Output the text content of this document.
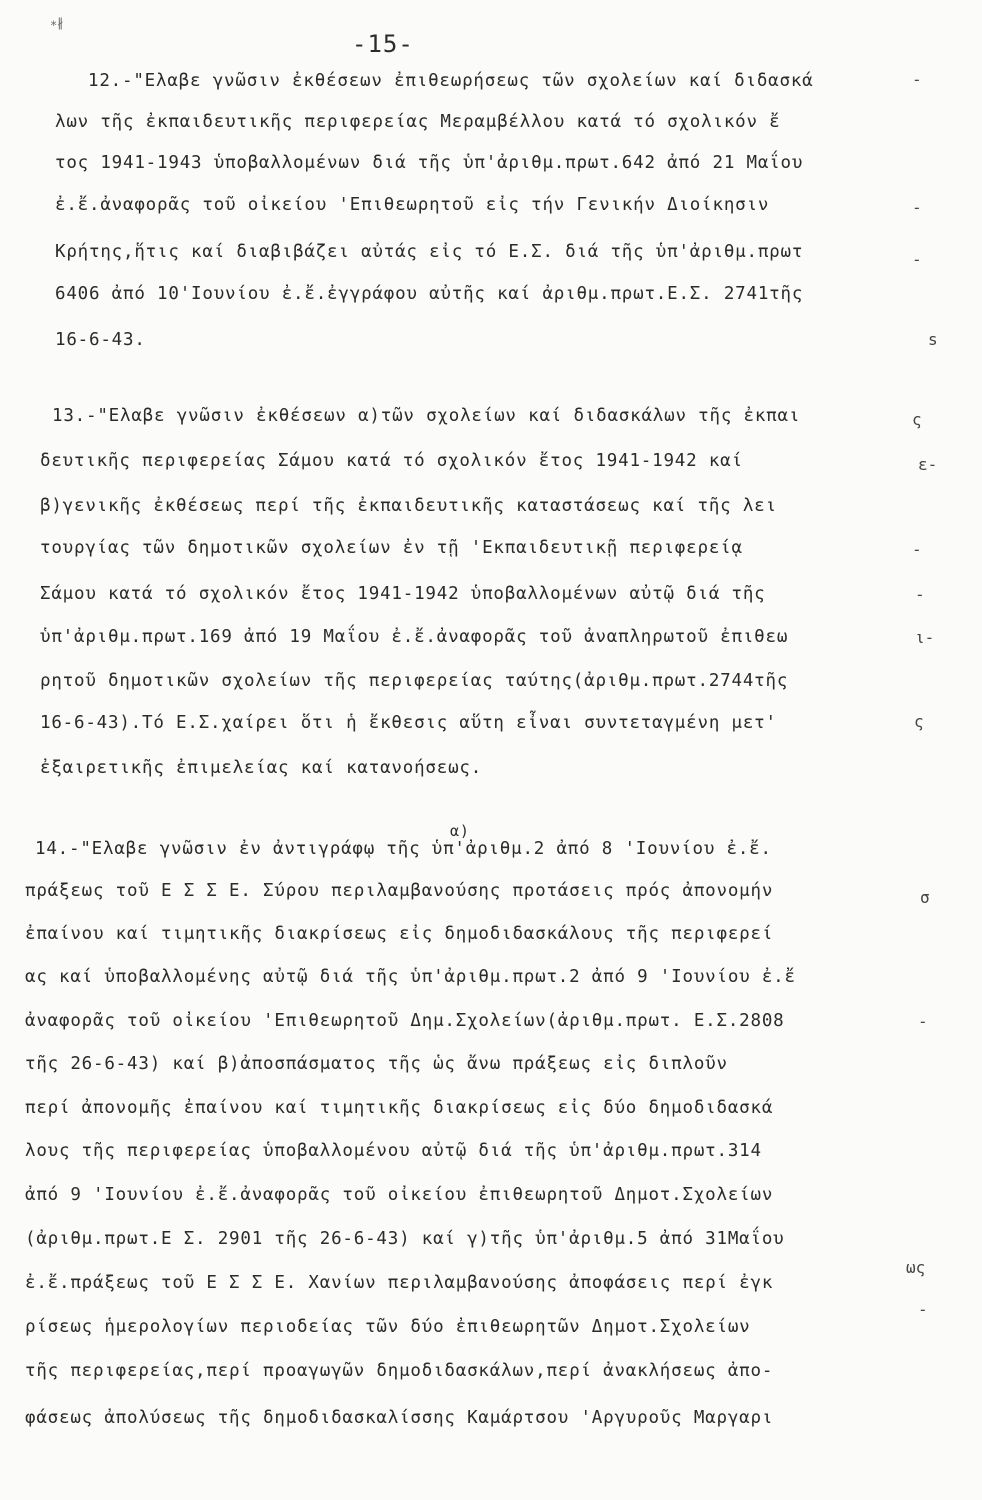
∗∦
-15-
12.-"Ελαβε γνῶσιν ἐκθέσεων ἐπιθεωρήσεως τῶν σχολείων καί διδασκά
λων τῆς ἐκπαιδευτικῆς περιφερείας Μεραμβέλλου κατά τό σχολικόν ἔ
τος 1941-1943 ὑποβαλλομένων διά τῆς ὑπ'ἀριθμ.πρωτ.642 ἀπό 21 Μαΐου
ἐ.ἔ.ἀναφορᾶς τοῦ οἰκείου 'Επιθεωρητοῦ εἰς τήν Γενικήν Διοίκησιν
Κρήτης,ἥτις καί διαβιβάζει αὐτάς εἰς τό Ε.Σ. διά τῆς ὑπ'ἀριθμ.πρωτ
6406 ἀπό 10'Ιουνίου ἐ.ἔ.ἐγγράφου αὐτῆς καί ἀριθμ.πρωτ.Ε.Σ. 2741τῆς
16-6-43.
13.-"Ελαβε γνῶσιν ἐκθέσεων α)τῶν σχολείων καί διδασκάλων τῆς ἐκπαι
δευτικῆς περιφερείας Σάμου κατά τό σχολικόν ἔτος 1941-1942 καί
β)γενικῆς ἐκθέσεως περί τῆς ἐκπαιδευτικῆς καταστάσεως καί τῆς λει
τουργίας τῶν δημοτικῶν σχολείων ἐν τῇ 'Εκπαιδευτικῇ περιφερείᾳ
Σάμου κατά τό σχολικόν ἔτος 1941-1942 ὑποβαλλομένων αὐτῷ διά τῆς
ὑπ'ἀριθμ.πρωτ.169 ἀπό 19 Μαΐου ἐ.ἔ.ἀναφορᾶς τοῦ ἀναπληρωτοῦ ἐπιθεω
ρητοῦ δημοτικῶν σχολείων τῆς περιφερείας ταύτης(ἀριθμ.πρωτ.2744τῆς
16-6-43).Τό Ε.Σ.χαίρει ὅτι ἡ ἔκθεσις αὕτη εἶναι συντεταγμένη μετ'
ἐξαιρετικῆς ἐπιμελείας καί κατανοήσεως.
α)
14.-"Ελαβε γνῶσιν ἐν ἀντιγράφῳ τῆς ὑπ'ἀριθμ.2 ἀπό 8 'Ιουνίου ἐ.ἔ.
πράξεως τοῦ Ε Σ Σ Ε. Σύρου περιλαμβανούσης προτάσεις πρός ἀπονομήν
ἐπαίνου καί τιμητικῆς διακρίσεως εἰς δημοδιδασκάλους τῆς περιφερεί
ας καί ὑποβαλλομένης αὐτῷ διά τῆς ὑπ'ἀριθμ.πρωτ.2 ἀπό 9 'Ιουνίου ἐ.ἔ
ἀναφορᾶς τοῦ οἰκείου 'Επιθεωρητοῦ Δημ.Σχολείων(ἀριθμ.πρωτ. Ε.Σ.2808
τῆς 26-6-43) καί β)ἀποσπάσματος τῆς ὡς ἄνω πράξεως εἰς διπλοῦν
περί ἀπονομῆς ἐπαίνου καί τιμητικῆς διακρίσεως εἰς δύο δημοδιδασκά
λους τῆς περιφερείας ὑποβαλλομένου αὐτῷ διά τῆς ὑπ'ἀριθμ.πρωτ.314
ἀπό 9 'Ιουνίου ἐ.ἔ.ἀναφορᾶς τοῦ οἰκείου ἐπιθεωρητοῦ Δημοτ.Σχολείων
(ἀριθμ.πρωτ.Ε Σ. 2901 τῆς 26-6-43) καί γ)τῆς ὑπ'ἀριθμ.5 ἀπό 31Μαΐου
ἐ.ἔ.πράξεως τοῦ Ε Σ Σ Ε. Χανίων περιλαμβανούσης ἀποφάσεις περί ἐγκ
ρίσεως ἡμερολογίων περιοδείας τῶν δύο ἐπιθεωρητῶν Δημοτ.Σχολείων
τῆς περιφερείας,περί προαγωγῶν δημοδιδασκάλων,περί ἀνακλήσεως ἀπο-
φάσεως ἀπολύσεως τῆς δημοδιδασκαλίσσης Καμάρτσου 'Αργυροῦς Μαργαρι
-
-
-
s
ς
ε-
-
-
ι-
ς
σ
-
ως
-
